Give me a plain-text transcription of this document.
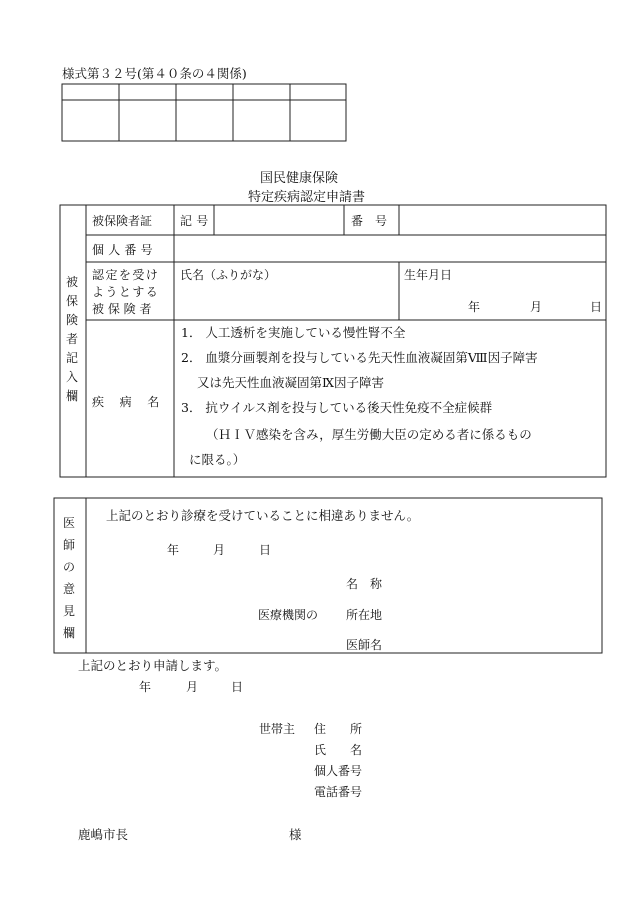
様式第３２号(第４０条の４関係)
国民健康保険
特定疾病認定申請書
被
保
険
者
記
入
欄
被保険者証 記号	番　号
個人番号
認定を受け
ようとする
被保険者
氏名（ふりがな）	生年月日
年	月	日
疾病名
1． 人工透析を実施している慢性腎不全
2． 血漿分画製剤を投与している先天性血液凝固第Ⅷ因子障害
又は先天性血液凝固第Ⅸ因子障害
3． 抗ウイルス剤を投与している後天性免疫不全症候群
（ＨＩＶ感染を含み，厚生労働大臣の定める者に係るもの
に限る。）
医
師
の
意
見
欄
上記のとおり診療を受けていることに相違ありません。
年	月	日
名　称
医療機関の 所在地
医師名
上記のとおり申請します。
年	月	日
世帯主 住　　所
氏　　名
個人番号
電話番号
鹿嶋市長	様
